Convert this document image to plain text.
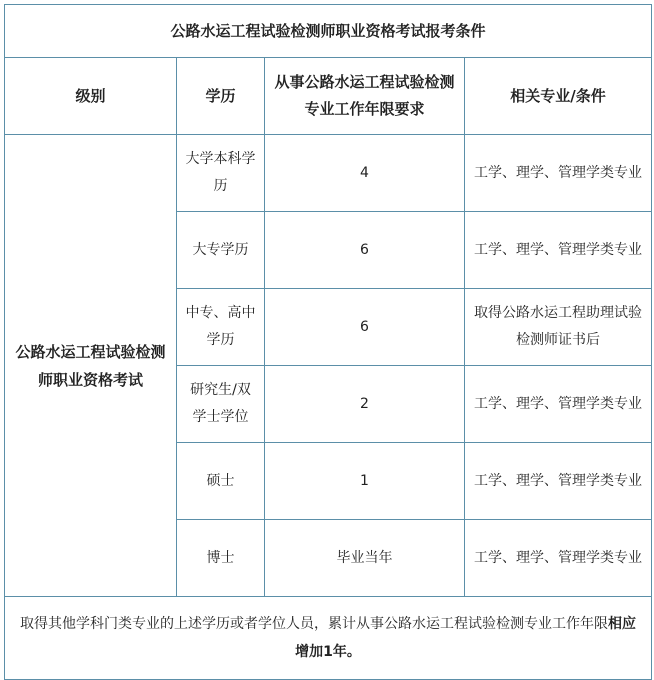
公路水运工程试验检测师职业资格考试报考条件			
级别	学历	从事公路水运工程试验检测专业工作年限要求	相关专业/条件
公路水运工程试验检测师职业资格考试	大学本科学历	4	工学、理学、管理学类专业
	大专学历	6	工学、理学、管理学类专业
	中专、高中学历	6	取得公路水运工程助理试验检测师证书后
	研究生/双学士学位	2	工学、理学、管理学类专业
	硕士	1	工学、理学、管理学类专业
	博士	毕业当年	工学、理学、管理学类专业
取得其他学科门类专业的上述学历或者学位人员，累计从事公路水运工程试验检测专业工作年限相应增加1年。			
